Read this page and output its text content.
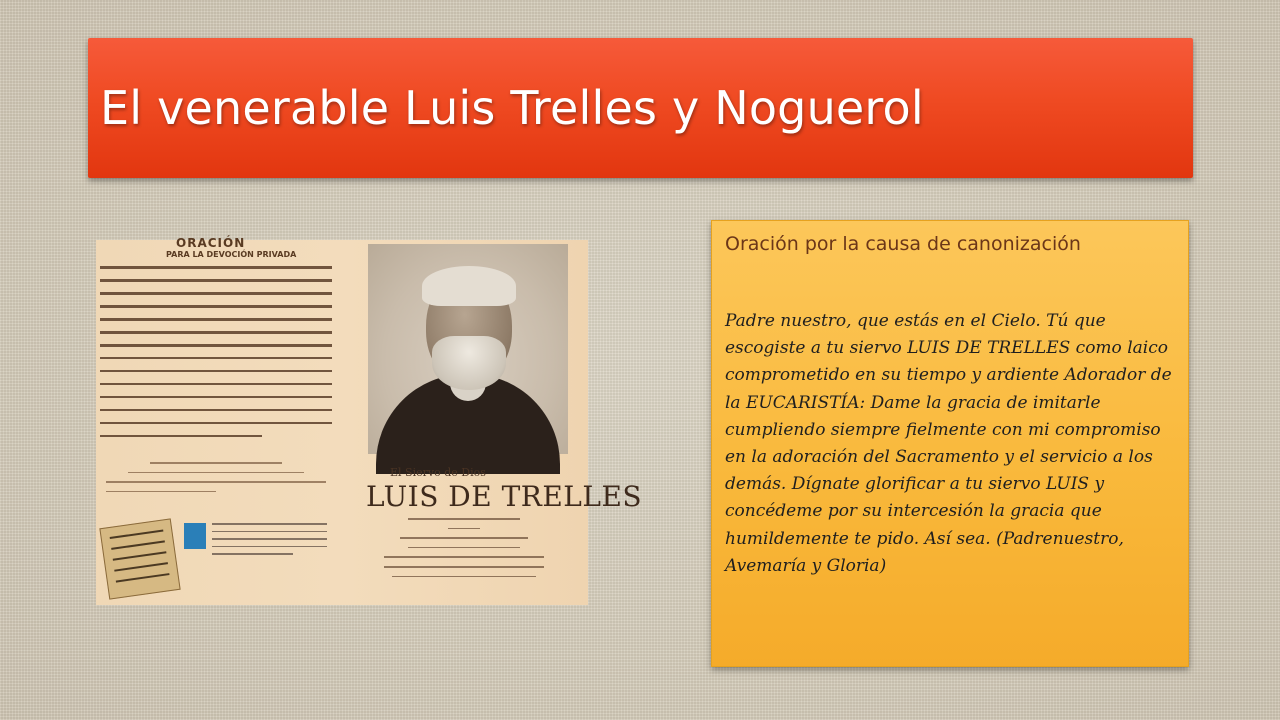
El venerable Luis Trelles y Noguerol
ORACIÓN
PARA LA DEVOCIÓN PRIVADA
El Siervo de Dios
LUIS DE TRELLES
Oración por la causa de canonización

Padre nuestro, que estás en el Cielo. Tú que escogiste a tu siervo LUIS DE TRELLES como laico comprometido en su tiempo y ardiente Adorador de la EUCARISTÍA: Dame la gracia de imitarle cumpliendo siempre fielmente con mi compromiso en la adoración del Sacramento y el servicio a los demás. Dígnate glorificar a tu siervo LUIS y concédeme por su intercesión la gracia que humildemente te pido. Así sea. (Padrenuestro, Avemaría y Gloria)
